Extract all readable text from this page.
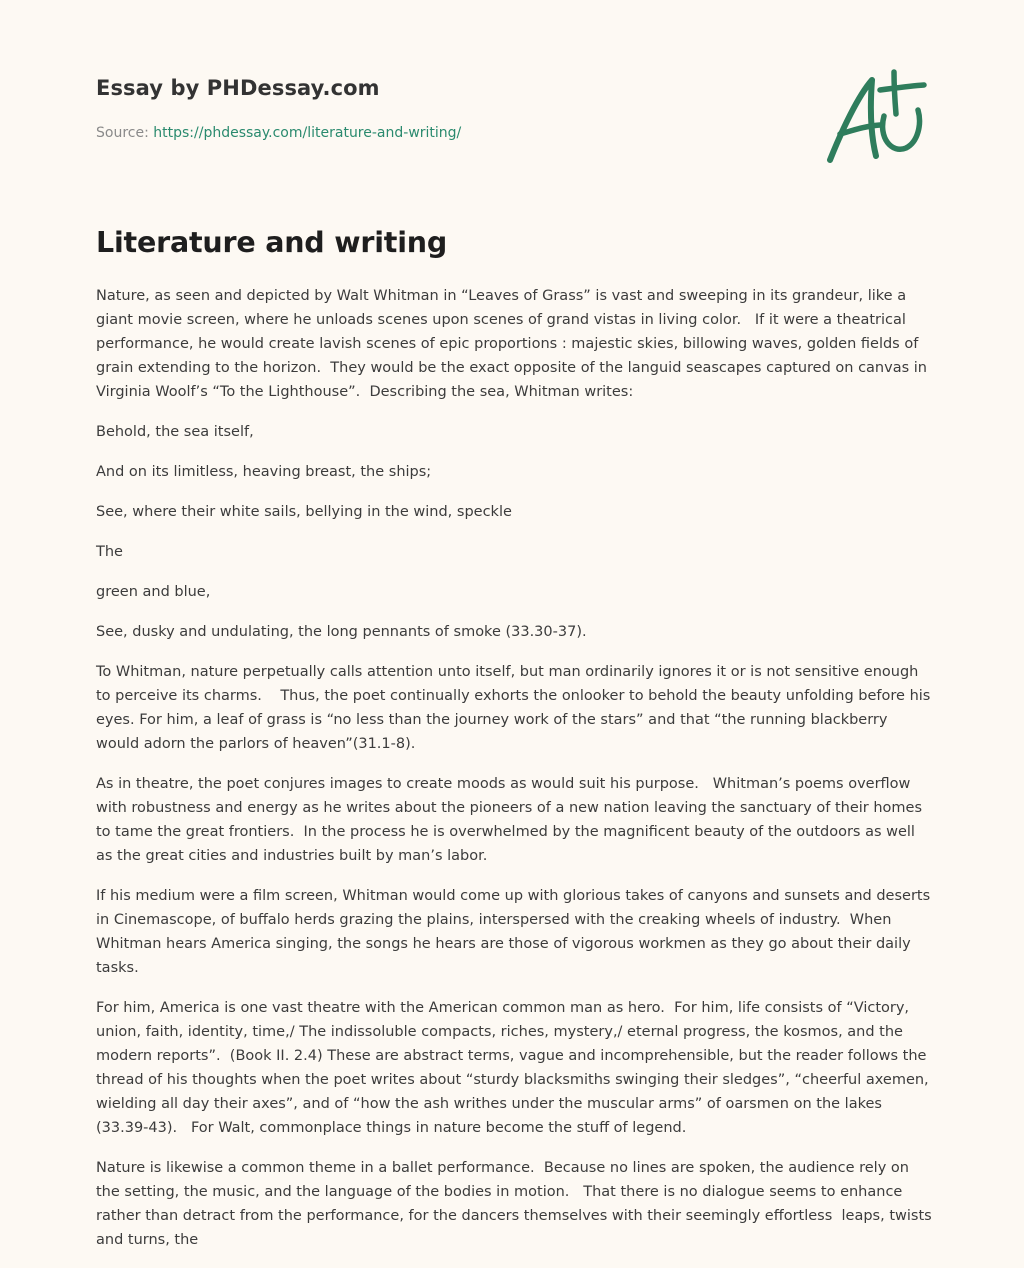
Essay by PHDessay.com
Source: https://phdessay.com/literature-and-writing/
Literature and writing

Nature, as seen and depicted by Walt Whitman in “Leaves of Grass” is vast and sweeping in its grandeur, like a giant movie screen, where he unloads scenes upon scenes of grand vistas in living color.   If it were a theatrical performance, he would create lavish scenes of epic proportions : majestic skies, billowing waves, golden fields of grain extending to the horizon.  They would be the exact opposite of the languid seascapes captured on canvas in Virginia Woolf’s “To the Lighthouse”.  Describing the sea, Whitman writes:

Behold, the sea itself,

And on its limitless, heaving breast, the ships;

See, where their white sails, bellying in the wind, speckle

The

green and blue,

See, dusky and undulating, the long pennants of smoke (33.30-37).

To Whitman, nature perpetually calls attention unto itself, but man ordinarily ignores it or is not sensitive enough to perceive its charms.    Thus, the poet continually exhorts the onlooker to behold the beauty unfolding before his eyes. For him, a leaf of grass is “no less than the journey work of the stars” and that “the running blackberry would adorn the parlors of heaven”(31.1-8).

As in theatre, the poet conjures images to create moods as would suit his purpose.   Whitman’s poems overflow with robustness and energy as he writes about the pioneers of a new nation leaving the sanctuary of their homes to tame the great frontiers.  In the process he is overwhelmed by the magnificent beauty of the outdoors as well as the great cities and industries built by man’s labor.

If his medium were a film screen, Whitman would come up with glorious takes of canyons and sunsets and deserts in Cinemascope, of buffalo herds grazing the plains, interspersed with the creaking wheels of industry.  When Whitman hears America singing, the songs he hears are those of vigorous workmen as they go about their daily tasks.

For him, America is one vast theatre with the American common man as hero.  For him, life consists of “Victory, union, faith, identity, time,/ The indissoluble compacts, riches, mystery,/ eternal progress, the kosmos, and the modern reports”.  (Book II. 2.4) These are abstract terms, vague and incomprehensible, but the reader follows the thread of his thoughts when the poet writes about “sturdy blacksmiths swinging their sledges”, “cheerful axemen, wielding all day their axes”, and of “how the ash writhes under the muscular arms” of oarsmen on the lakes  (33.39-43).   For Walt, commonplace things in nature become the stuff of legend.

Nature is likewise a common theme in a ballet performance.  Because no lines are spoken, the audience rely on the setting, the music, and the language of the bodies in motion.   That there is no dialogue seems to enhance rather than detract from the performance, for the dancers themselves with their seemingly effortless  leaps, twists and turns, the
